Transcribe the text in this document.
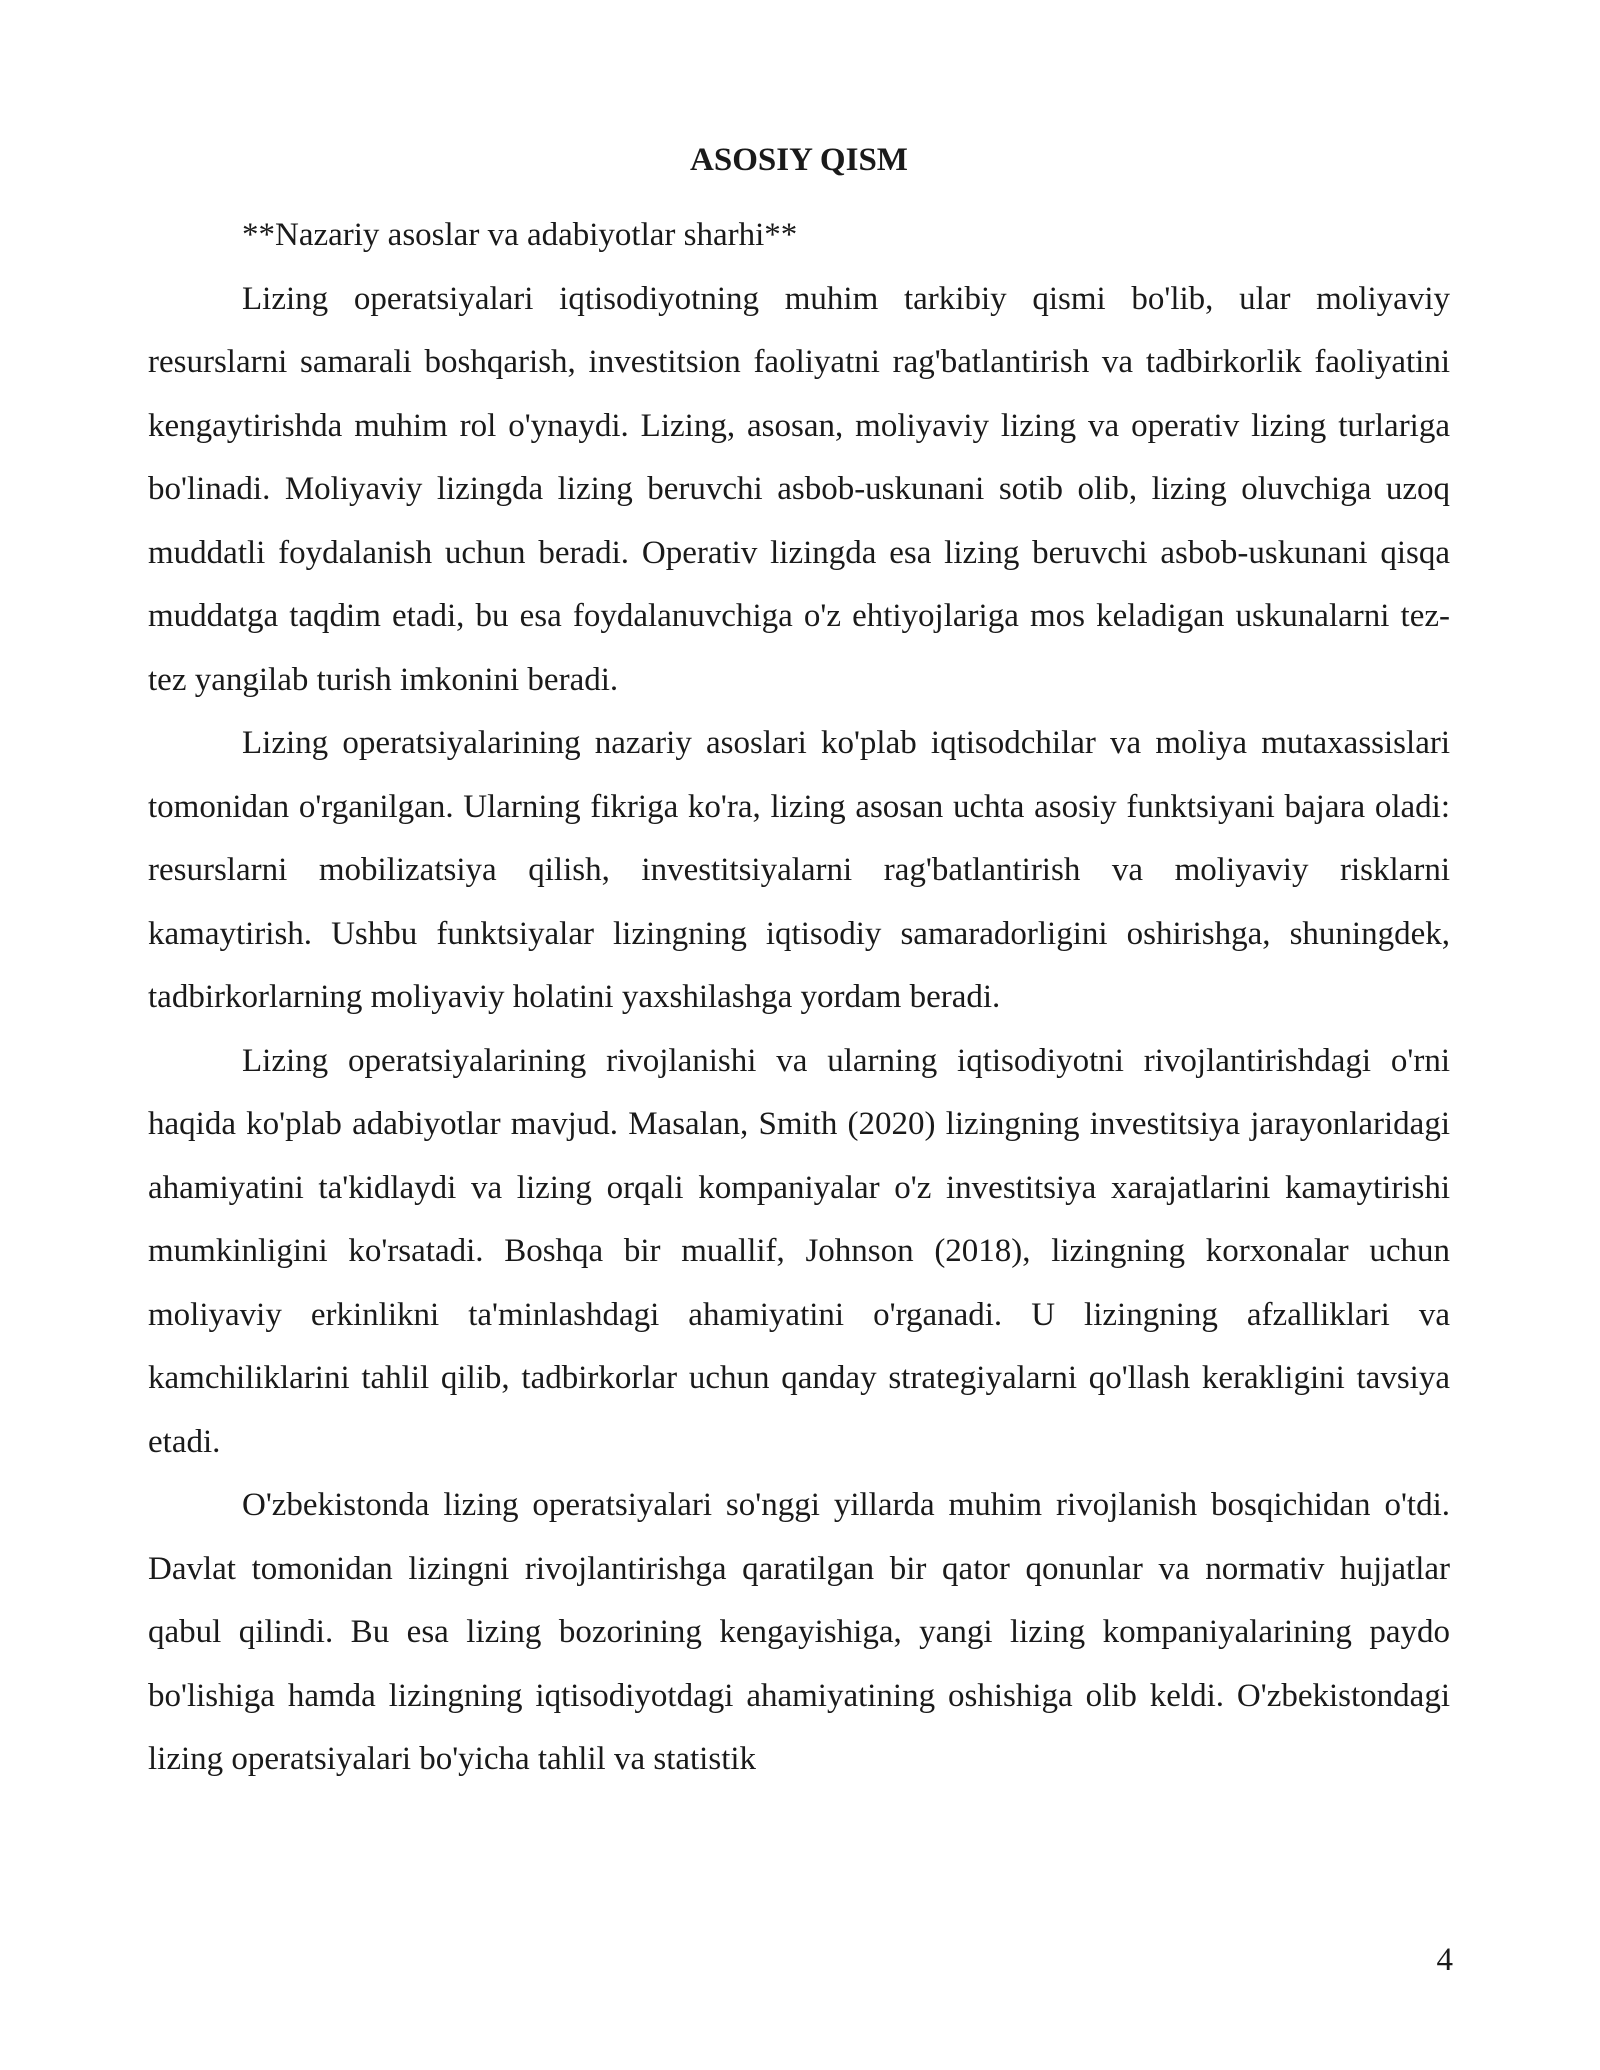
ASOSIY QISM

**Nazariy asoslar va adabiyotlar sharhi**

Lizing operatsiyalari iqtisodiyotning muhim tarkibiy qismi bo'lib, ular moliyaviy resurslarni samarali boshqarish, investitsion faoliyatni rag'batlantirish va tadbirkorlik faoliyatini kengaytirishda muhim rol o'ynaydi. Lizing, asosan, moliyaviy lizing va operativ lizing turlariga bo'linadi. Moliyaviy lizingda lizing beruvchi asbob-uskunani sotib olib, lizing oluvchiga uzoq muddatli foydalanish uchun beradi. Operativ lizingda esa lizing beruvchi asbob-uskunani qisqa muddatga taqdim etadi, bu esa foydalanuvchiga o'z ehtiyojlariga mos keladigan uskunalarni tez-tez yangilab turish imkonini beradi.

Lizing operatsiyalarining nazariy asoslari ko'plab iqtisodchilar va moliya mutaxassislari tomonidan o'rganilgan. Ularning fikriga ko'ra, lizing asosan uchta asosiy funktsiyani bajara oladi: resurslarni mobilizatsiya qilish, investitsiyalarni rag'batlantirish va moliyaviy risklarni kamaytirish. Ushbu funktsiyalar lizingning iqtisodiy samaradorligini oshirishga, shuningdek, tadbirkorlarning moliyaviy holatini yaxshilashga yordam beradi.

Lizing operatsiyalarining rivojlanishi va ularning iqtisodiyotni rivojlantirishdagi o'rni haqida ko'plab adabiyotlar mavjud. Masalan, Smith (2020) lizingning investitsiya jarayonlaridagi ahamiyatini ta'kidlaydi va lizing orqali kompaniyalar o'z investitsiya xarajatlarini kamaytirishi mumkinligini ko'rsatadi. Boshqa bir muallif, Johnson (2018), lizingning korxonalar uchun moliyaviy erkinlikni ta'minlashdagi ahamiyatini o'rganadi. U lizingning afzalliklari va kamchiliklarini tahlil qilib, tadbirkorlar uchun qanday strategiyalarni qo'llash kerakligini tavsiya etadi.

O'zbekistonda lizing operatsiyalari so'nggi yillarda muhim rivojlanish bosqichidan o'tdi. Davlat tomonidan lizingni rivojlantirishga qaratilgan bir qator qonunlar va normativ hujjatlar qabul qilindi. Bu esa lizing bozorining kengayishiga, yangi lizing kompaniyalarining paydo bo'lishiga hamda lizingning iqtisodiyotdagi ahamiyatining oshishiga olib keldi. O'zbekistondagi lizing operatsiyalari bo'yicha tahlil va statistik

4
